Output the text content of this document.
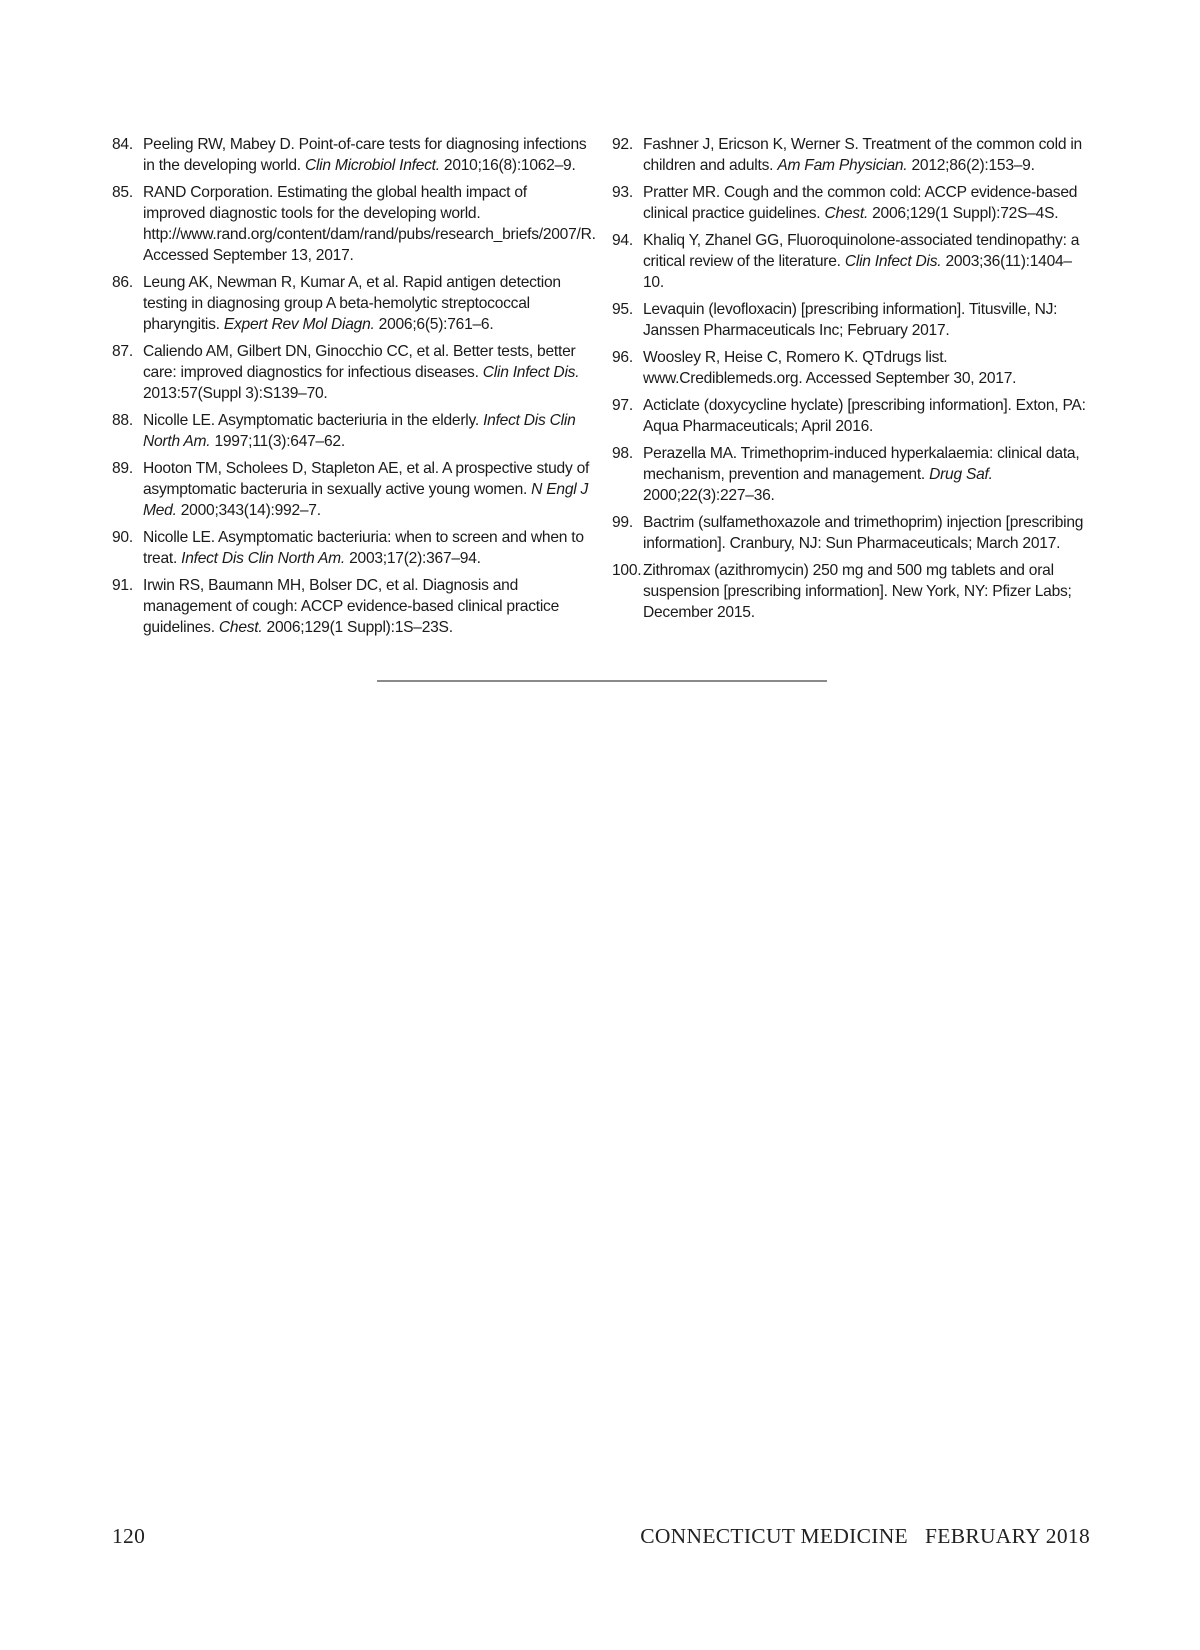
84. Peeling RW, Mabey D. Point-of-care tests for diagnosing infections in the developing world. Clin Microbiol Infect. 2010;16(8):1062–9.
85. RAND Corporation. Estimating the global health impact of improved diagnostic tools for the developing world. http://www.rand.org/content/dam/rand/pubs/research_briefs/2007/R. Accessed September 13, 2017.
86. Leung AK, Newman R, Kumar A, et al. Rapid antigen detection testing in diagnosing group A beta-hemolytic streptococcal pharyngitis. Expert Rev Mol Diagn. 2006;6(5):761–6.
87. Caliendo AM, Gilbert DN, Ginocchio CC, et al. Better tests, better care: improved diagnostics for infectious diseases. Clin Infect Dis. 2013:57(Suppl 3):S139–70.
88. Nicolle LE. Asymptomatic bacteriuria in the elderly. Infect Dis Clin North Am. 1997;11(3):647–62.
89. Hooton TM, Scholees D, Stapleton AE, et al. A prospective study of asymptomatic bacteruria in sexually active young women. N Engl J Med. 2000;343(14):992–7.
90. Nicolle LE. Asymptomatic bacteriuria: when to screen and when to treat. Infect Dis Clin North Am. 2003;17(2):367–94.
91. Irwin RS, Baumann MH, Bolser DC, et al. Diagnosis and management of cough: ACCP evidence-based clinical practice guidelines. Chest. 2006;129(1 Suppl):1S–23S.
92. Fashner J, Ericson K, Werner S. Treatment of the common cold in children and adults. Am Fam Physician. 2012;86(2):153–9.
93. Pratter MR. Cough and the common cold: ACCP evidence-based clinical practice guidelines. Chest. 2006;129(1 Suppl):72S–4S.
94. Khaliq Y, Zhanel GG, Fluoroquinolone-associated tendinopathy: a critical review of the literature. Clin Infect Dis. 2003;36(11):1404–10.
95. Levaquin (levofloxacin) [prescribing information]. Titusville, NJ: Janssen Pharmaceuticals Inc; February 2017.
96. Woosley R, Heise C, Romero K. QTdrugs list. www.Crediblemeds.org. Accessed September 30, 2017.
97. Acticlate (doxycycline hyclate) [prescribing information]. Exton, PA: Aqua Pharmaceuticals; April 2016.
98. Perazella MA. Trimethoprim-induced hyperkalaemia: clinical data, mechanism, prevention and management. Drug Saf. 2000;22(3):227–36.
99. Bactrim (sulfamethoxazole and trimethoprim) injection [prescribing information]. Cranbury, NJ: Sun Pharmaceuticals; March 2017.
100. Zithromax (azithromycin) 250 mg and 500 mg tablets and oral suspension [prescribing information]. New York, NY: Pfizer Labs; December 2015.
120	CONNECTICUT MEDICINE   FEBRUARY 2018
